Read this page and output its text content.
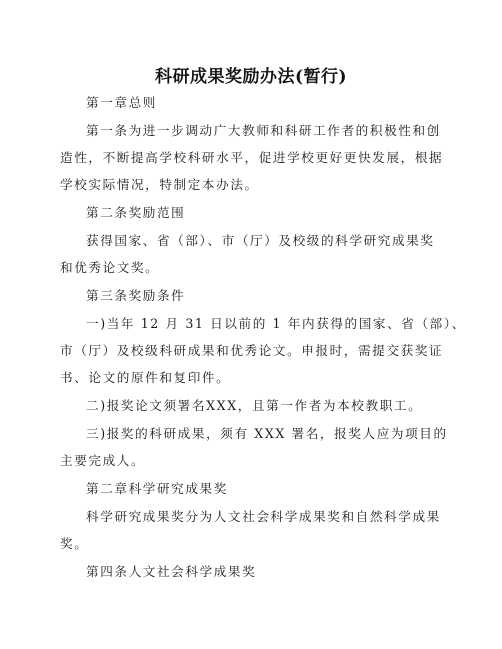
科研成果奖励办法(暂行)
第一章总则
第一条为进一步调动广大教师和科研工作者的积极性和创
造性，不断提高学校科研水平，促进学校更好更快发展，根据
学校实际情况，特制定本办法。
第二条奖励范围
获得国家、省（部）、市（厅）及校级的科学研究成果奖
和优秀论文奖。
第三条奖励条件
一)当年 12 月 31 日以前的 1 年内获得的国家、省（部）、
市（厅）及校级科研成果和优秀论文。申报时，需提交获奖证
书、论文的原件和复印件。
二)报奖论文须署名XXX，且第一作者为本校教职工。
三)报奖的科研成果，须有 XXX 署名，报奖人应为项目的
主要完成人。
第二章科学研究成果奖
科学研究成果奖分为人文社会科学成果奖和自然科学成果
奖。
第四条人文社会科学成果奖
